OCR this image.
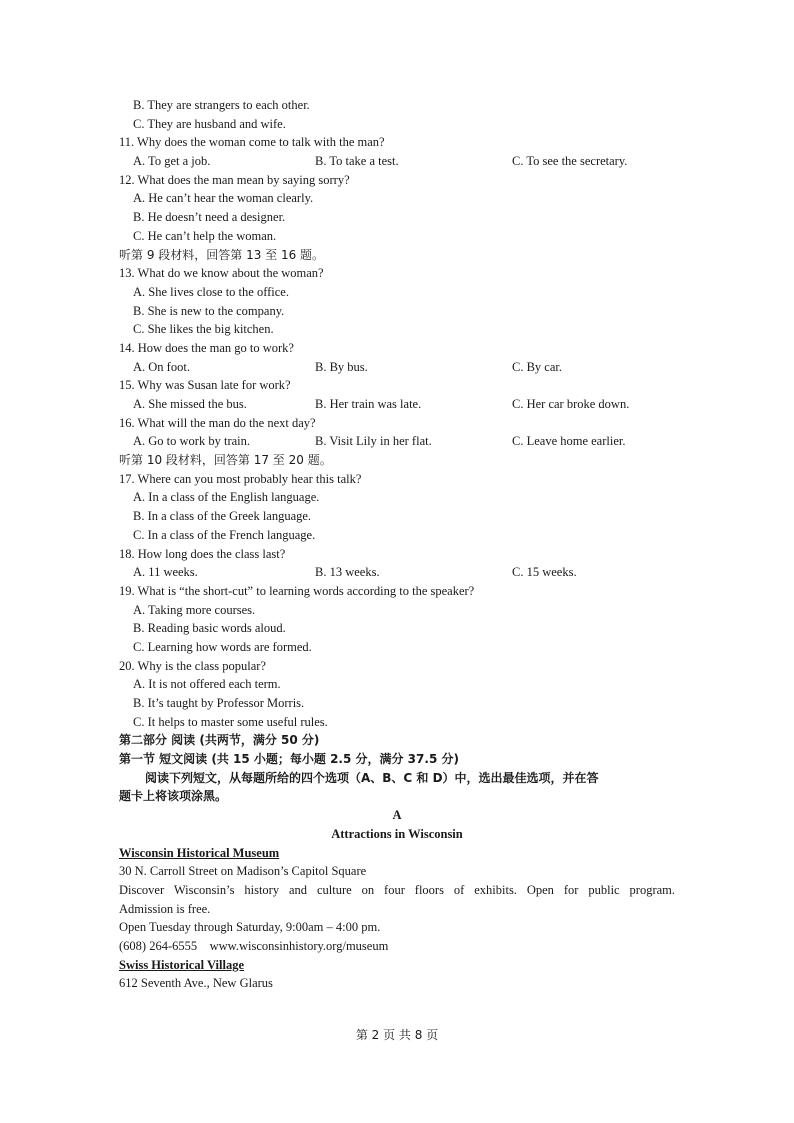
B. They are strangers to each other.
C. They are husband and wife.
11. Why does the woman come to talk with the man?
A. To get a job.	B. To take a test.	C. To see the secretary.
12. What does the man mean by saying sorry?
A. He can’t hear the woman clearly.
B. He doesn’t need a designer.
C. He can’t help the woman.
听第 9 段材料，回答第 13 至 16 题。
13. What do we know about the woman?
A. She lives close to the office.
B. She is new to the company.
C. She likes the big kitchen.
14. How does the man go to work?
A. On foot.	B. By bus.	C. By car.
15. Why was Susan late for work?
A. She missed the bus.	B. Her train was late.	C. Her car broke down.
16. What will the man do the next day?
A. Go to work by train.	B. Visit Lily in her flat.	C. Leave home earlier.
听第 10 段材料，回答第 17 至 20 题。
17. Where can you most probably hear this talk?
A. In a class of the English language.
B. In a class of the Greek language.
C. In a class of the French language.
18. How long does the class last?
A. 11 weeks.	B. 13 weeks.	C. 15 weeks.
19. What is “the short-cut” to learning words according to the speaker?
A. Taking more courses.
B. Reading basic words aloud.
C. Learning how words are formed.
20. Why is the class popular?
A. It is not offered each term.
B. It’s taught by Professor Morris.
C. It helps to master some useful rules.
第二部分 阅读 (共两节，满分 50 分)
第一节 短文阅读 (共 15 小题；每小题 2.5 分，满分 37.5 分)
阅读下列短文，从每题所给的四个选项（A、B、C 和 D）中，选出最佳选项，并在答
题卡上将该项涂黑。
A
Attractions in Wisconsin
Wisconsin Historical Museum
30 N. Carroll Street on Madison’s Capitol Square
Discover Wisconsin’s history and culture on four floors of exhibits. Open for public program.
Admission is free.
Open Tuesday through Saturday, 9:00am – 4:00 pm.
(608) 264-6555    www.wisconsinhistory.org/museum
Swiss Historical Village
612 Seventh Ave., New Glarus
第 2 页 共 8 页
